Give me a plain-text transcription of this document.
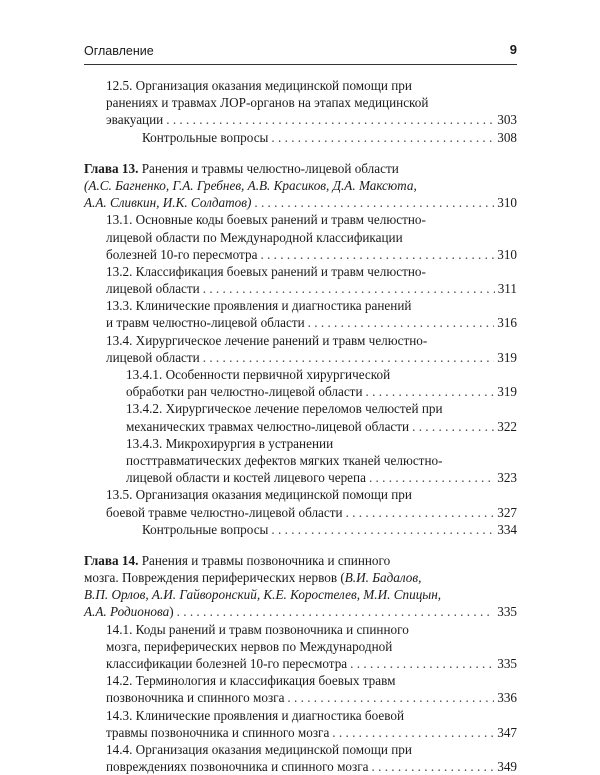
Оглавление	9
12.5. Организация оказания медицинской помощи при
ранениях и травмах ЛОР-органов на этапах медицинской
эвакуации . . .	303
Контрольные вопросы . . .	308
Глава 13. Ранения и травмы челюстно-лицевой области
(А.С. Багненко, Г.А. Гребнев, А.В. Красиков, Д.А. Максюта,
А.А. Сливкин, И.К. Солдатов) . . .	310
13.1. Основные коды боевых ранений и травм челюстно-
лицевой области по Международной классификации
болезней 10-го пересмотра . . .	310
13.2. Классификация боевых ранений и травм челюстно-
лицевой области . . .	311
13.3. Клинические проявления и диагностика ранений
и травм челюстно-лицевой области . . .	316
13.4. Хирургическое лечение ранений и травм челюстно-
лицевой области . . .	319
13.4.1. Особенности первичной хирургической
обработки ран челюстно-лицевой области . . .	319
13.4.2. Хирургическое лечение переломов челюстей при
механических травмах челюстно-лицевой области . . .	322
13.4.3. Микрохирургия в устранении
посттравматических дефектов мягких тканей челюстно-
лицевой области и костей лицевого черепа . . .	323
13.5. Организация оказания медицинской помощи при
боевой травме челюстно-лицевой области . . .	327
Контрольные вопросы . . .	334
Глава 14. Ранения и травмы позвоночника и спинного
мозга. Повреждения периферических нервов (В.И. Бадалов,
В.П. Орлов, А.И. Гайворонский, К.Е. Коростелев, М.И. Спицын,
А.А. Родионова) . . .	335
14.1. Коды ранений и травм позвоночника и спинного
мозга, периферических нервов по Международной
классификации болезней 10-го пересмотра . . .	335
14.2. Терминология и классификация боевых травм
позвоночника и спинного мозга . . .	336
14.3. Клинические проявления и диагностика боевой
травмы позвоночника и спинного мозга . . .	347
14.4. Организация оказания медицинской помощи при
повреждениях позвоночника и спинного мозга . . .	349
